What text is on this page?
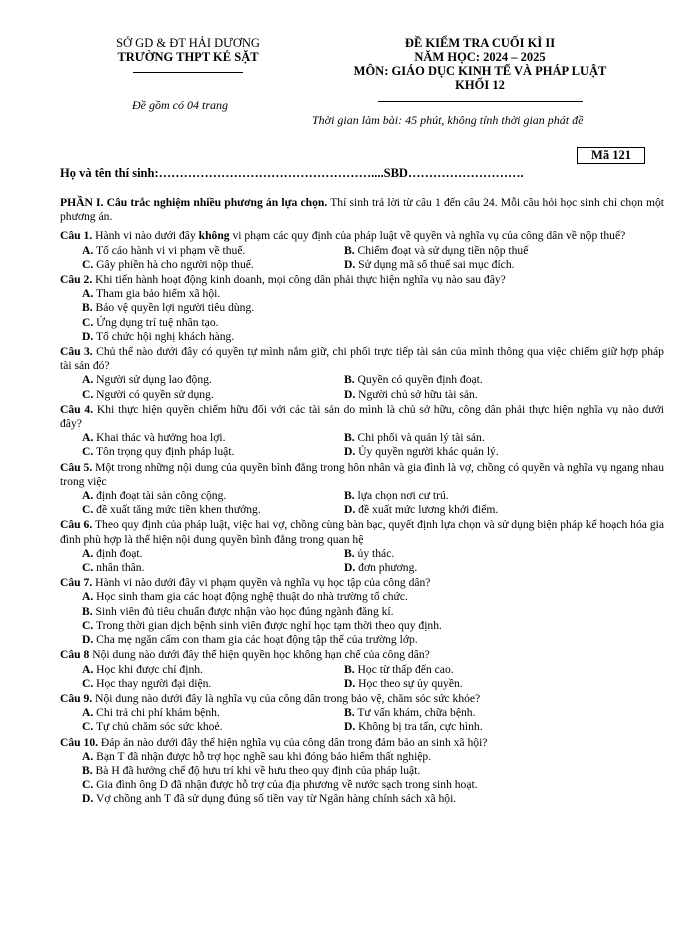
SỞ GD & ĐT HẢI DƯƠNG
TRƯỜNG THPT KẺ SẶT
Đề gồm có 04 trang
ĐỀ KIỂM TRA CUỐI KÌ II
NĂM HỌC: 2024 – 2025
MÔN: GIÁO DỤC KINH TẾ VÀ PHÁP LUẬT
KHỐI 12
Thời gian làm bài: 45 phút, không tính thời gian phát đề
Mã 121
Họ và tên thí sinh:……………………………………………....SBD……………………….
PHẦN I. Câu trắc nghiệm nhiều phương án lựa chọn. Thí sinh trả lời từ câu 1 đến câu 24. Mỗi câu hỏi học sinh chỉ chọn một phương án.
Câu 1. Hành vi nào dưới đây không vi phạm các quy định của pháp luật về quyền và nghĩa vụ của công dân về nộp thuế?
A. Tố cáo hành vi vi phạm về thuế.	B. Chiếm đoạt và sử dụng tiền nộp thuế
C. Gây phiền hà cho người nộp thuế.	D. Sử dụng mã số thuế sai mục đích.
Câu 2. Khi tiến hành hoạt động kinh doanh, mọi công dân phải thực hiện nghĩa vụ nào sau đây?
A. Tham gia bảo hiểm xã hội.
B. Bảo vệ quyền lợi người tiêu dùng.
C. Ứng dụng trí tuệ nhân tạo.
D. Tổ chức hội nghị khách hàng.
Câu 3. Chủ thể nào dưới đây có quyền tự mình nắm giữ, chi phối trực tiếp tài sản của mình thông qua việc chiếm giữ hợp pháp tài sản đó?
A. Người sử dụng lao động.	B. Quyền có quyền định đoạt.
C. Người có quyền sử dụng.	D. Người chủ sở hữu tài sản.
Câu 4. Khi thực hiện quyền chiếm hữu đối với các tài sản do mình là chủ sở hữu, công dân phải thực hiện nghĩa vụ nào dưới đây?
A. Khai thác và hưởng hoa lợi.	B. Chi phối và quản lý tài sản.
C. Tôn trọng quy định pháp luật.	D. Ủy quyền người khác quản lý.
Câu 5. Một trong những nội dung của quyền bình đẳng trong hôn nhân và gia đình là vợ, chồng có quyền và nghĩa vụ ngang nhau trong việc
A. định đoạt tài sản công cộng.	B. lựa chọn nơi cư trú.
C. đề xuất tăng mức tiền khen thưởng.	D. đề xuất mức lương khởi điểm.
Câu 6. Theo quy định của pháp luật, việc hai vợ, chồng cùng bàn bạc, quyết định lựa chọn và sử dụng biện pháp kế hoạch hóa gia đình phù hợp là thể hiện nội dung quyền bình đẳng trong quan hệ
A. định đoạt.	B. ủy thác.
C. nhân thân.	D. đơn phương.
Câu 7. Hành vi nào dưới đây vi phạm quyền và nghĩa vụ học tập của công dân?
A. Học sinh tham gia các hoạt động nghệ thuật do nhà trường tổ chức.
B. Sinh viên đủ tiêu chuẩn được nhận vào học đúng ngành đăng kí.
C. Trong thời gian dịch bệnh sinh viên được nghỉ học tạm thời theo quy định.
D. Cha mẹ ngăn cấm con tham gia các hoạt động tập thể của trường lớp.
Câu 8 Nội dung nào dưới đây thể hiện quyền học không hạn chế của công dân?
A. Học khi được chỉ định.	B. Học từ thấp đến cao.
C. Học thay người đại diện.	D. Học theo sự ủy quyền.
Câu 9. Nội dung nào dưới đây là nghĩa vụ của công dân trong bảo vệ, chăm sóc sức khỏe?
A. Chi trả chi phí khám bệnh.	B. Tư vấn khám, chữa bệnh.
C. Tự chủ chăm sóc sức khoẻ.	D. Không bị tra tấn, cực hình.
Câu 10. Đáp án nào dưới đây thể hiện nghĩa vụ của công dân trong đảm bảo an sinh xã hội?
A. Bạn T đã nhận được hỗ trợ học nghề sau khi đóng bảo hiểm thất nghiệp.
B. Bà H đã hưởng chế độ hưu trí khi về hưu theo quy định của pháp luật.
C. Gia đình ông D đã nhận được hỗ trợ của địa phương về nước sạch trong sinh hoạt.
D. Vợ chồng anh T đã sử dụng đúng số tiền vay từ Ngân hàng chính sách xã hội.
